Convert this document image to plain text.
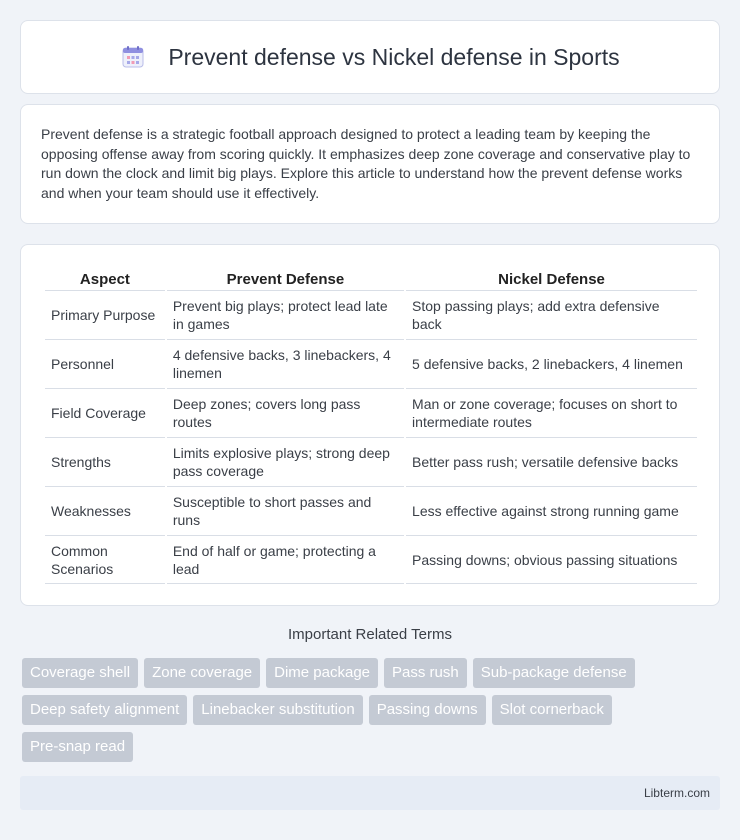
Prevent defense vs Nickel defense in Sports

Prevent defense is a strategic football approach designed to protect a leading team by keeping the opposing offense away from scoring quickly. It emphasizes deep zone coverage and conservative play to run down the clock and limit big plays. Explore this article to understand how the prevent defense works and when your team should use it effectively.

Aspect	Prevent Defense	Nickel Defense
Primary Purpose	Prevent big plays; protect lead late in games	Stop passing plays; add extra defensive back
Personnel	4 defensive backs, 3 linebackers, 4 linemen	5 defensive backs, 2 linebackers, 4 linemen
Field Coverage	Deep zones; covers long pass routes	Man or zone coverage; focuses on short to intermediate routes
Strengths	Limits explosive plays; strong deep pass coverage	Better pass rush; versatile defensive backs
Weaknesses	Susceptible to short passes and runs	Less effective against strong running game
Common Scenarios	End of half or game; protecting a lead	Passing downs; obvious passing situations
Important Related Terms
Coverage shell	Zone coverage	Dime package	Pass rush	Sub-package defense
Deep safety alignment	Linebacker substitution	Passing downs	Slot cornerback
Pre-snap read
Libterm.com
